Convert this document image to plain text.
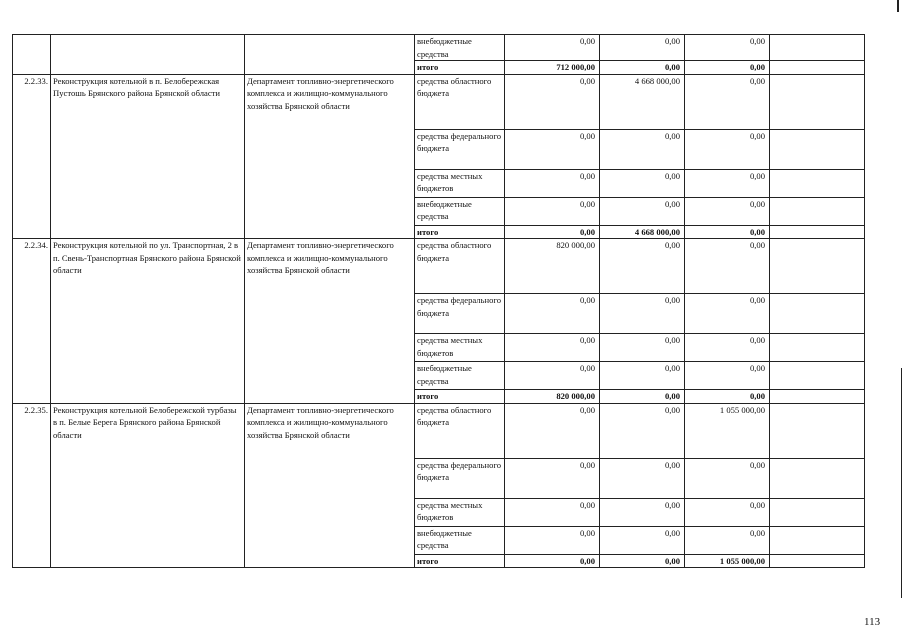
			внебюджетные средства	0,00	0,00	0,00	
			итого	712 000,00	0,00	0,00	
2.2.33.	Реконструкция котельной в п. Белобережская Пустошь Брянского района Брянской области	Департамент топливно-энергетического комплекса и жилищно-коммунального хозяйства Брянской области	средства областного бюджета	0,00	4 668 000,00	0,00	
			средства федерального бюджета	0,00	0,00	0,00	
			средства местных бюджетов	0,00	0,00	0,00	
			внебюджетные средства	0,00	0,00	0,00	
			итого	0,00	4 668 000,00	0,00	
2.2.34.	Реконструкция котельной по ул. Транспортная, 2 в п. Свень-Транспортная Брянского района Брянской области	Департамент топливно-энергетического комплекса и жилищно-коммунального хозяйства Брянской области	средства областного бюджета	820 000,00	0,00	0,00	
			средства федерального бюджета	0,00	0,00	0,00	
			средства местных бюджетов	0,00	0,00	0,00	
			внебюджетные средства	0,00	0,00	0,00	
			итого	820 000,00	0,00	0,00	
2.2.35.	Реконструкция котельной Белобережской турбазы в п. Белые Берега Брянского района Брянской области	Департамент топливно-энергетического комплекса и жилищно-коммунального хозяйства Брянской области	средства областного бюджета	0,00	0,00	1 055 000,00	
			средства федерального бюджета	0,00	0,00	0,00	
			средства местных бюджетов	0,00	0,00	0,00	
			внебюджетные средства	0,00	0,00	0,00	
			итого	0,00	0,00	1 055 000,00	
113
